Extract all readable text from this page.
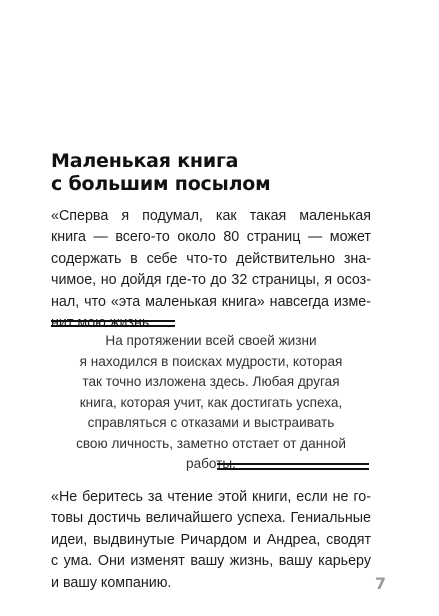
Маленькая книга
с большим посылом
«Сперва я подумал, как такая маленькая
книга — всего-то около 80 страниц — может
содержать в себе что-то действительно зна-
чимое, но дойдя где-то до 32 страницы, я осоз-
нал, что «эта маленькая книга» навсегда изме-
нит мою жизнь.
На протяжении всей своей жизни
я находился в поисках мудрости, которая
так точно изложена здесь. Любая другая
книга, которая учит, как достигать успеха,
справляться с отказами и выстраивать
свою личность, заметно отстает от данной
работы.
«Не беритесь за чтение этой книги, если не го-
товы достичь величайшего успеха. Гениальные
идеи, выдвинутые Ричардом и Андреа, сводят
с ума. Они изменят вашу жизнь, вашу карьеру
и вашу компанию.	7
